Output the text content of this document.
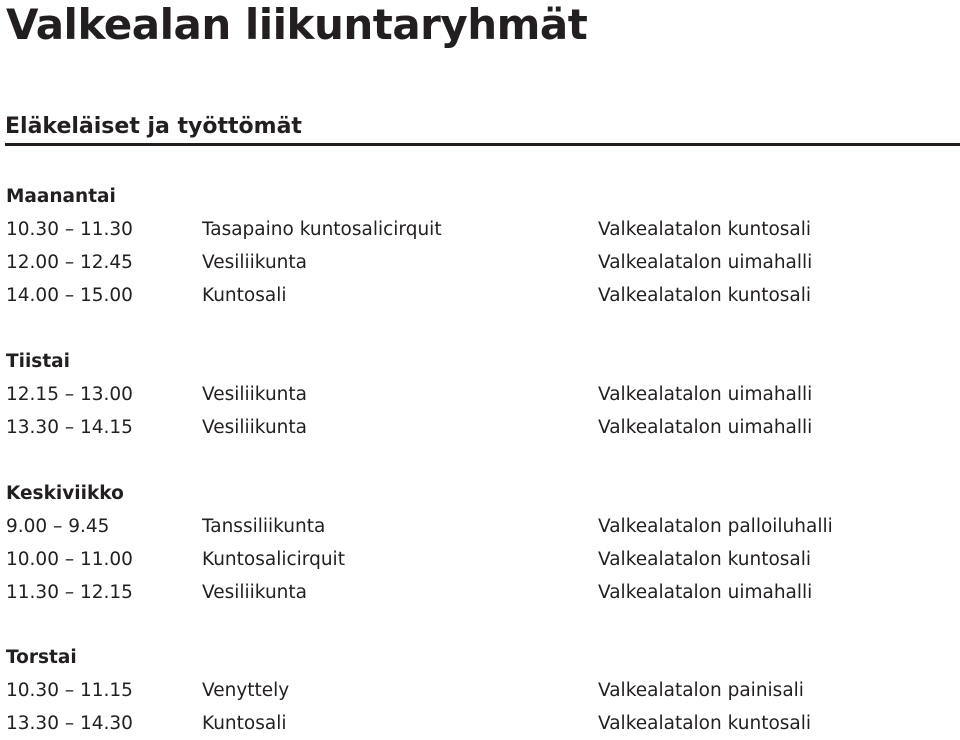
Valkealan liikuntaryhmät
Eläkeläiset ja työttömät
Maanantai
10.30 – 11.30	Tasapaino kuntosalicirquit	Valkealatalon kuntosali
12.00 – 12.45	Vesiliikunta	Valkealatalon uimahalli
14.00 – 15.00	Kuntosali	Valkealatalon kuntosali
Tiistai
12.15 – 13.00	Vesiliikunta	Valkealatalon uimahalli
13.30 – 14.15	Vesiliikunta	Valkealatalon uimahalli
Keskiviikko
9.00 – 9.45	Tanssiliikunta	Valkealatalon palloiluhalli
10.00 – 11.00	Kuntosalicirquit	Valkealatalon kuntosali
11.30 – 12.15	Vesiliikunta	Valkealatalon uimahalli
Torstai
10.30 – 11.15	Venyttely	Valkealatalon painisali
13.30 – 14.30	Kuntosali	Valkealatalon kuntosali
